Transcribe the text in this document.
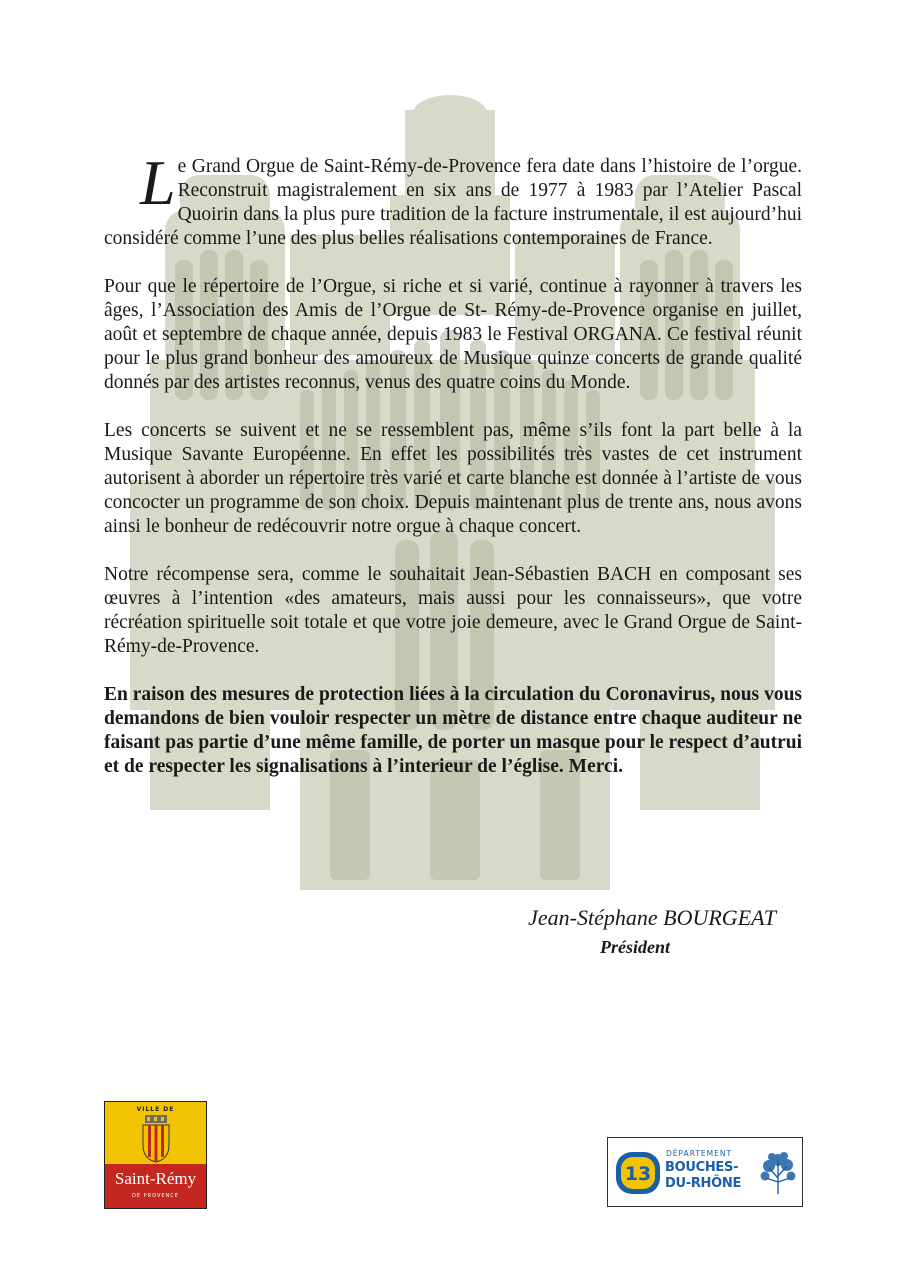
Le Grand Orgue de Saint-Rémy-de-Provence fera date dans l’histoire de l’orgue. Reconstruit magistralement en six ans de 1977 à 1983 par l’Atelier Pascal Quoirin dans la plus pure tradition de la facture instrumentale, il est aujourd’hui considéré comme l’une des plus belles réalisations contemporaines de France.

Pour que le répertoire de l’Orgue, si riche et si varié, continue à rayonner à travers les âges, l’Association des Amis de l’Orgue de St- Rémy-de-Provence organise en juillet, août et septembre de chaque année, depuis 1983 le Festival ORGANA. Ce festival réunit pour le plus grand bonheur des amoureux de Musique quinze concerts de grande qualité donnés par des artistes reconnus, venus des quatre coins du Monde.

Les concerts se suivent et ne se ressemblent pas, même s’ils font la part belle à la Musique Savante Européenne. En effet les possibilités très vastes de cet instrument autorisent à aborder un répertoire très varié et carte blanche est donnée à l’artiste de vous concocter un programme de son choix. Depuis maintenant plus de trente ans, nous avons ainsi le bonheur de redécouvrir notre orgue à chaque concert.

Notre récompense sera, comme le souhaitait Jean-Sébastien BACH en composant ses œuvres à l’intention «des amateurs, mais aussi pour les connaisseurs», que votre récréation spirituelle soit totale et que votre joie demeure, avec le Grand Orgue de Saint-Rémy-de-Provence.

En raison des mesures de protection liées à la circulation du Coronavirus, nous vous demandons de bien vouloir respecter un mètre de distance entre chaque auditeur ne faisant pas partie d’une même famille, de porter un masque pour le respect d’autrui et de respecter les signalisations à l’interieur de l’église. Merci.

Jean-Stéphane BOURGEAT
Président
VILLE DE
Saint-Rémy
DE PROVENCE
13
DÉPARTEMENT
BOUCHES-
DU-RHÔNE
